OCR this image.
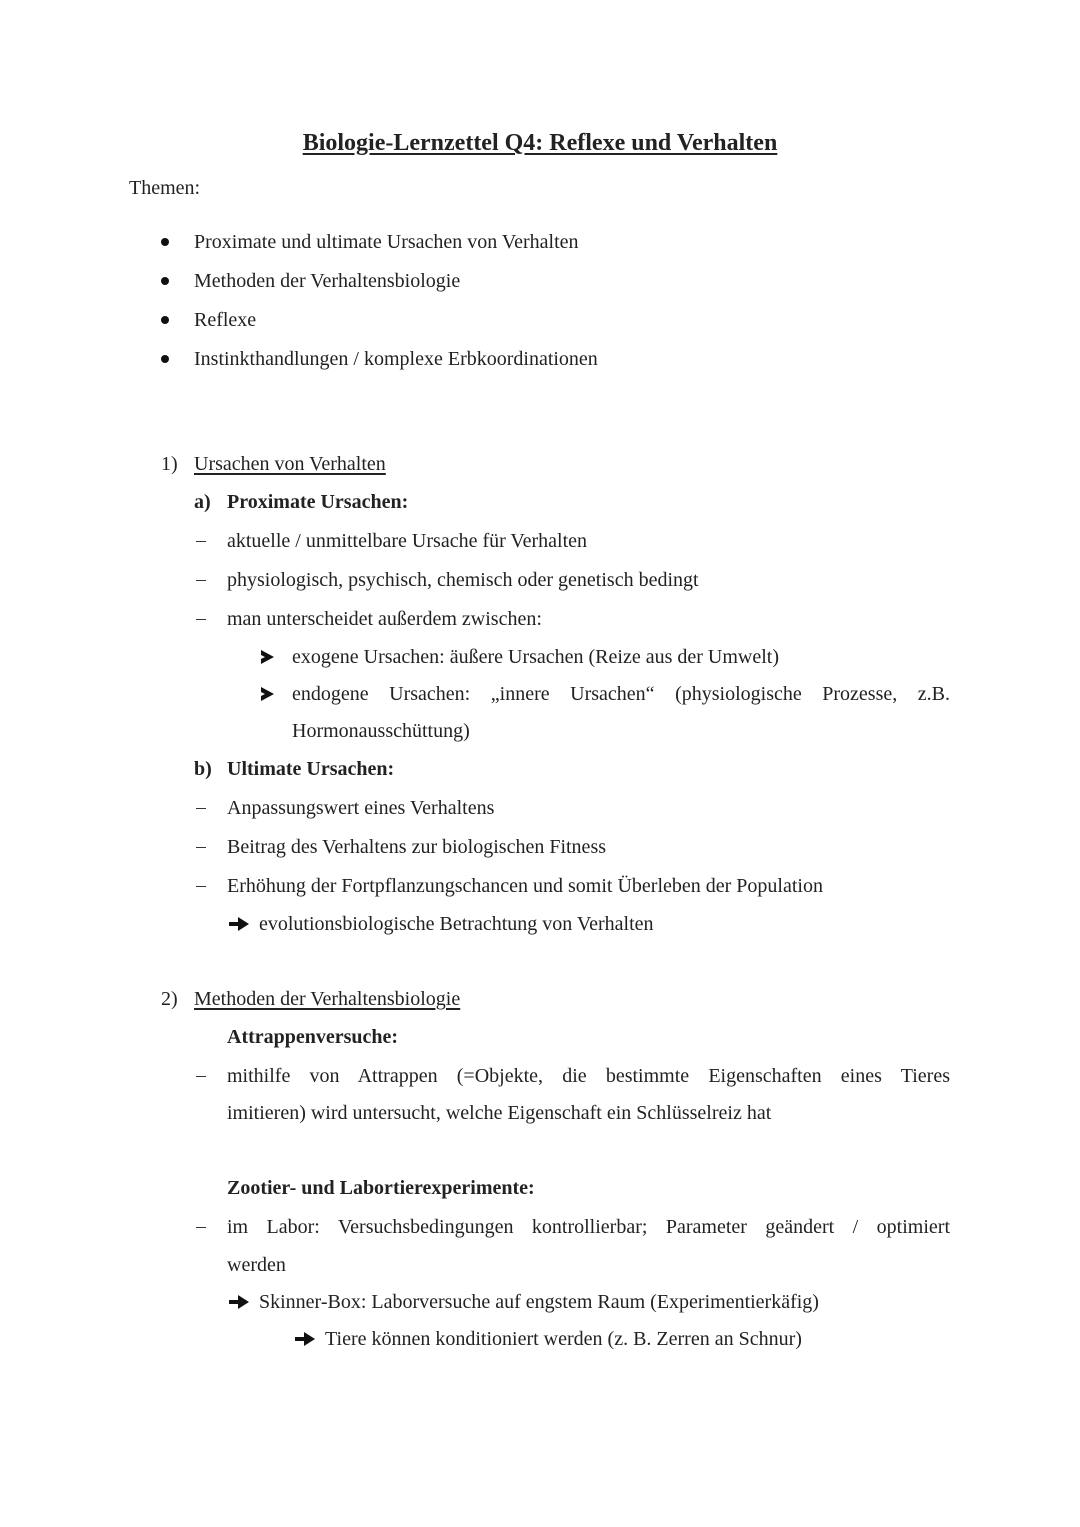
Biologie-Lernzettel Q4: Reflexe und Verhalten
Themen:
Proximate und ultimate Ursachen von Verhalten
Methoden der Verhaltensbiologie
Reflexe
Instinkthandlungen / komplexe Erbkoordinationen
1) Ursachen von Verhalten
a) Proximate Ursachen:
aktuelle / unmittelbare Ursache für Verhalten
physiologisch, psychisch, chemisch oder genetisch bedingt
man unterscheidet außerdem zwischen:
exogene Ursachen: äußere Ursachen (Reize aus der Umwelt)
endogene Ursachen: „innere Ursachen“ (physiologische Prozesse, z.B.
Hormonausschüttung)
b) Ultimate Ursachen:
Anpassungswert eines Verhaltens
Beitrag des Verhaltens zur biologischen Fitness
Erhöhung der Fortpflanzungschancen und somit Überleben der Population
evolutionsbiologische Betrachtung von Verhalten
2) Methoden der Verhaltensbiologie
Attrappenversuche:
mithilfe von Attrappen (=Objekte, die bestimmte Eigenschaften eines Tieres
imitieren) wird untersucht, welche Eigenschaft ein Schlüsselreiz hat
Zootier- und Labortierexperimente:
im Labor: Versuchsbedingungen kontrollierbar; Parameter geändert / optimiert
werden
Skinner-Box: Laborversuche auf engstem Raum (Experimentierkäfig)
Tiere können konditioniert werden (z. B. Zerren an Schnur)
